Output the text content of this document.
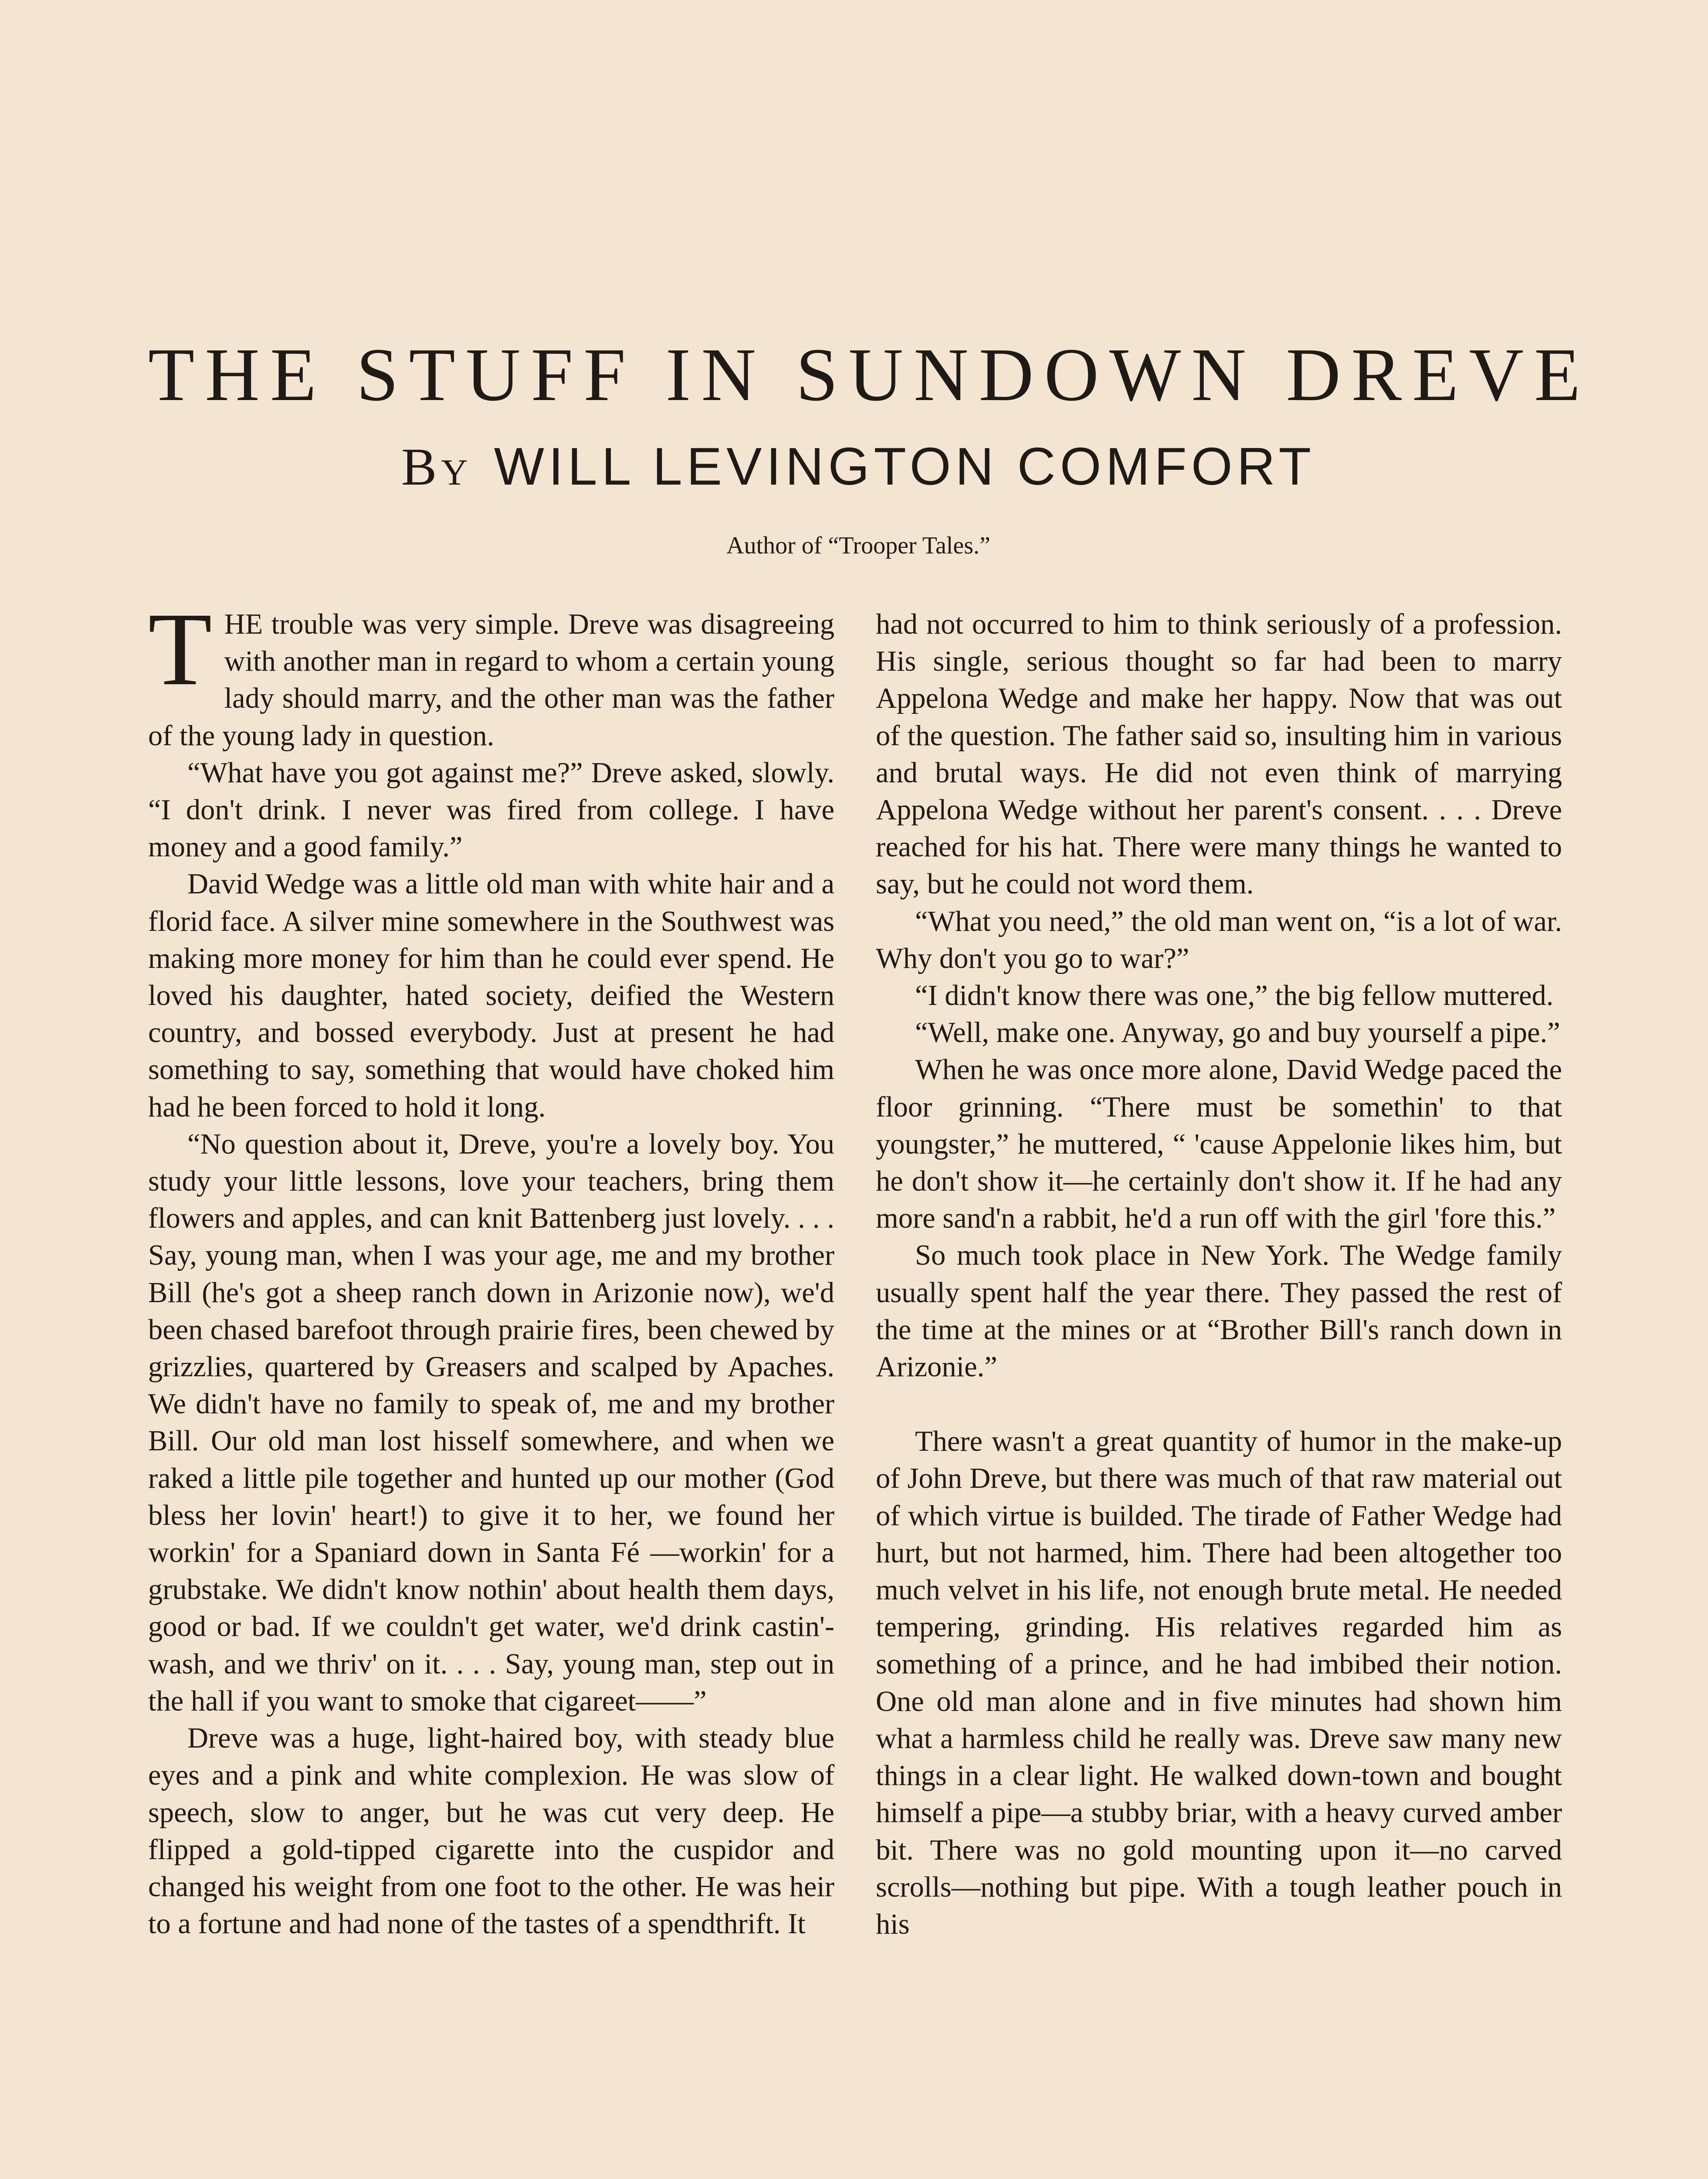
THE STUFF IN SUNDOWN DREVE
By WILL LEVINGTON COMFORT
Author of “Trooper Tales.”

THE trouble was very simple. Dreve was disagreeing with another man in regard to whom a certain young lady should marry, and the other man was the father of the young lady in question.

“What have you got against me?” Dreve asked, slowly. “I don't drink. I never was fired from college. I have money and a good family.”

David Wedge was a little old man with white hair and a florid face. A silver mine somewhere in the Southwest was making more money for him than he could ever spend. He loved his daughter, hated society, deified the Western country, and bossed everybody. Just at present he had something to say, something that would have choked him had he been forced to hold it long.

“No question about it, Dreve, you're a lovely boy. You study your little lessons, love your teachers, bring them flowers and apples, and can knit Battenberg just lovely. . . . Say, young man, when I was your age, me and my brother Bill (he's got a sheep ranch down in Arizonie now), we'd been chased barefoot through prairie fires, been chewed by grizzlies, quartered by Greasers and scalped by Apaches. We didn't have no family to speak of, me and my brother Bill. Our old man lost hisself somewhere, and when we raked a little pile together and hunted up our mother (God bless her lovin' heart!) to give it to her, we found her workin' for a Spaniard down in Santa Fé —workin' for a grubstake. We didn't know nothin' about health them days, good or bad. If we couldn't get water, we'd drink castin'-wash, and we thriv' on it. . . . Say, young man, step out in the hall if you want to smoke that cigareet——”

Dreve was a huge, light-haired boy, with steady blue eyes and a pink and white complexion. He was slow of speech, slow to anger, but he was cut very deep. He flipped a gold-tipped cigarette into the cuspidor and changed his weight from one foot to the other. He was heir to a fortune and had none of the tastes of a spendthrift. It

had not occurred to him to think seriously of a profession. His single, serious thought so far had been to marry Appelona Wedge and make her happy. Now that was out of the question. The father said so, insulting him in various and brutal ways. He did not even think of marrying Appelona Wedge without her parent's consent. . . . Dreve reached for his hat. There were many things he wanted to say, but he could not word them.

“What you need,” the old man went on, “is a lot of war. Why don't you go to war?”

“I didn't know there was one,” the big fellow muttered.

“Well, make one. Anyway, go and buy yourself a pipe.”

When he was once more alone, David Wedge paced the floor grinning. “There must be somethin' to that youngster,” he muttered, “ 'cause Appelonie likes him, but he don't show it—he certainly don't show it. If he had any more sand'n a rabbit, he'd a run off with the girl 'fore this.”

So much took place in New York. The Wedge family usually spent half the year there. They passed the rest of the time at the mines or at “Brother Bill's ranch down in Arizonie.”

There wasn't a great quantity of humor in the make-up of John Dreve, but there was much of that raw material out of which virtue is builded. The tirade of Father Wedge had hurt, but not harmed, him. There had been altogether too much velvet in his life, not enough brute metal. He needed tempering, grinding. His relatives regarded him as something of a prince, and he had imbibed their notion. One old man alone and in five minutes had shown him what a harmless child he really was. Dreve saw many new things in a clear light. He walked down-town and bought himself a pipe—a stubby briar, with a heavy curved amber bit. There was no gold mounting upon it—no carved scrolls—nothing but pipe. With a tough leather pouch in his
